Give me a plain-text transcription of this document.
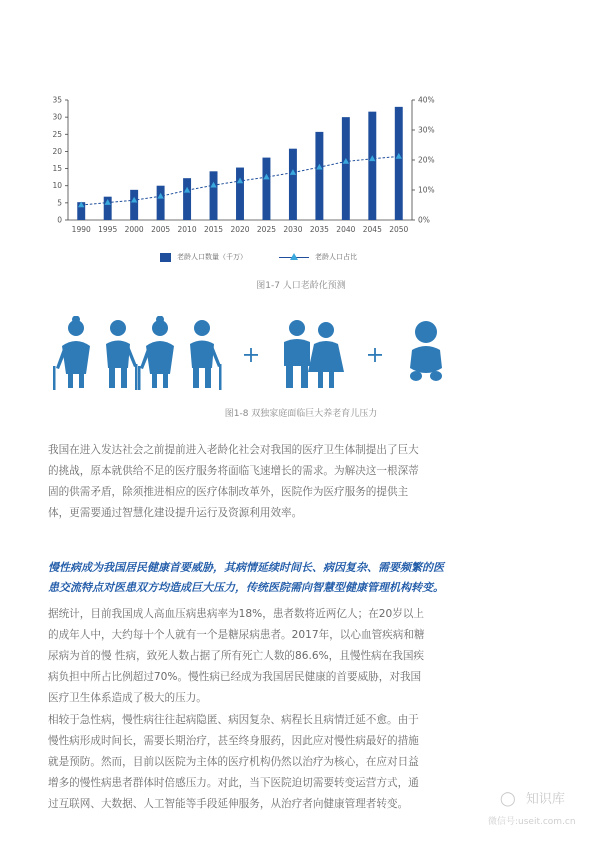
0
5
10
15
20
25
30
35
0%
10%
20%
30%
40%
1990 1995 2000 2005 2010 2015 2020 2025 2030 2035 2040 2045 2050
老龄人口数量（千万）	老龄人口占比
图1-7 人口老龄化预测
图1-8 双独家庭面临巨大养老育儿压力
我国在进入发达社会之前提前进入老龄化社会对我国的医疗卫生体制提出了巨大
的挑战，原本就供给不足的医疗服务将面临飞速增长的需求。为解决这一根深蒂
固的供需矛盾，除须推进相应的医疗体制改革外，医院作为医疗服务的提供主
体，更需要通过智慧化建设提升运行及资源利用效率。
慢性病成为我国居民健康首要威胁，其病情延续时间长、病因复杂、需要频繁的医
患交流特点对医患双方均造成巨大压力，传统医院需向智慧型健康管理机构转变。
据统计，目前我国成人高血压病患病率为18%，患者数将近两亿人；在20岁以上
的成年人中，大约每十个人就有一个是糖尿病患者。2017年，以心血管疾病和糖
尿病为首的慢 性病，致死人数占据了所有死亡人数的86.6%，且慢性病在我国疾
病负担中所占比例超过70%。慢性病已经成为我国居民健康的首要威胁，对我国
医疗卫生体系造成了极大的压力。
相较于急性病，慢性病往往起病隐匿、病因复杂、病程长且病情迁延不愈。由于
慢性病形成时间长，需要长期治疗，甚至终身服药，因此应对慢性病最好的措施
就是预防。然而，目前以医院为主体的医疗机构仍然以治疗为核心，在应对日益
增多的慢性病患者群体时倍感压力。对此，当下医院迫切需要转变运营方式，通
过互联网、大数据、人工智能等手段延伸服务，从治疗者向健康管理者转变。	◯ 知识库
微信号:useit.com.cn
